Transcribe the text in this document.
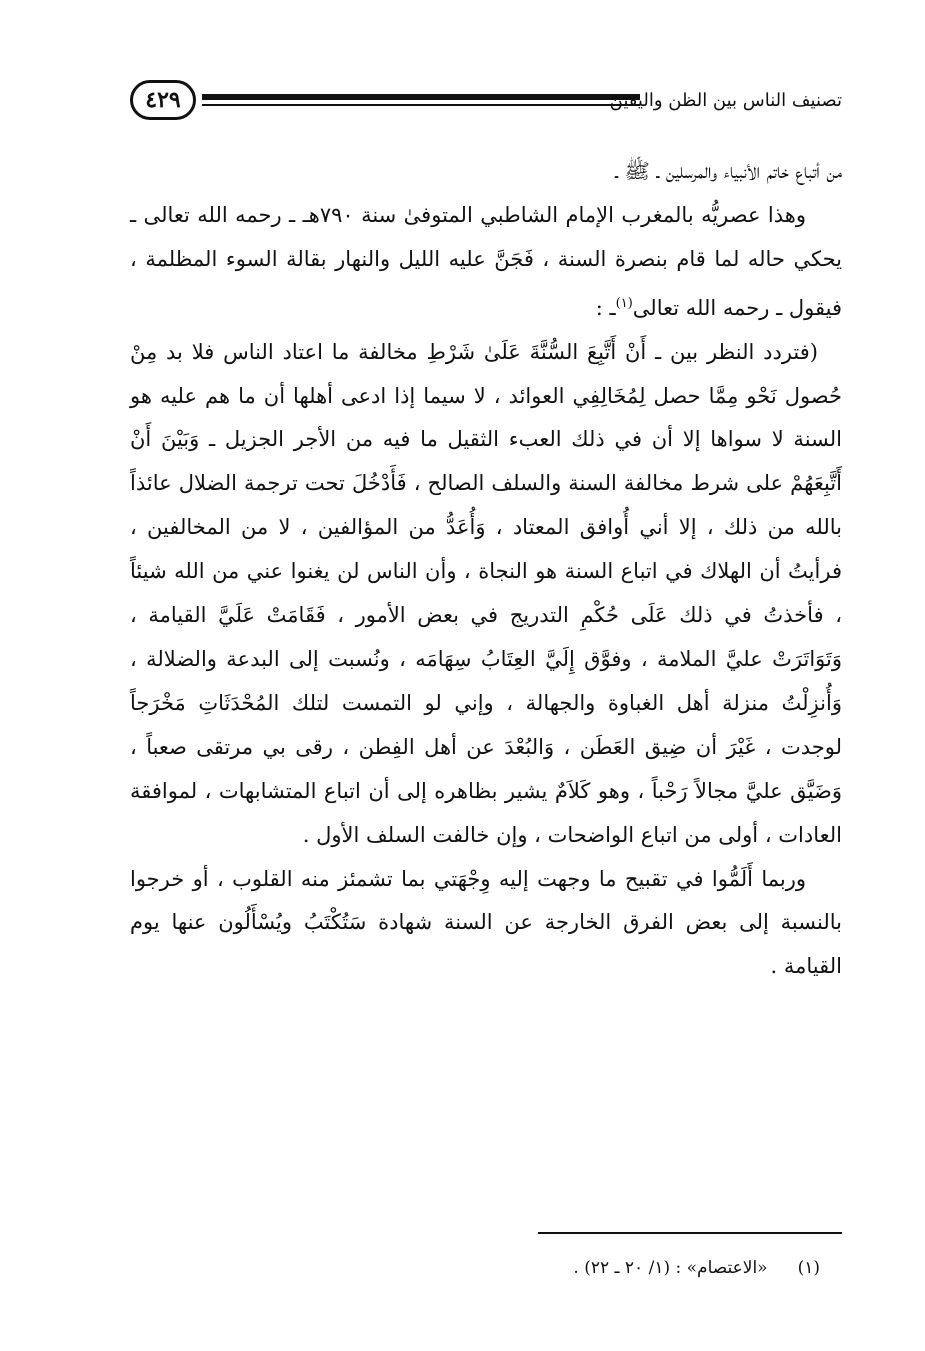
٤٢٩	تصنيف الناس بين الظن واليقين

من أتباع خاتم الأنبياء والمرسلين ـ ﷺ ـ

وهذا عصريُّه بالمغرب الإمام الشاطبي المتوفىٰ سنة ٧٩٠هـ ـ رحمه الله تعالى ـ يحكي حاله لما قام بنصرة السنة ، فَجَنَّ عليه الليل والنهار بقالة السوء المظلمة ، فيقول ـ رحمه الله تعالى$^{(١)}$ـ :

(فتردد النظر بين ـ أَنْ أَتَّبِعَ السُّنَّةَ عَلَىٰ شَرْطِ مخالفة ما اعتاد الناس فلا بد مِنْ حُصول نَحْو مِمَّا حصل لِمُخَالِفِي العوائد ، لا سيما إذا ادعى أهلها أن ما هم عليه هو السنة لا سواها إلا أن في ذلك العبء الثقيل ما فيه من الأجر الجزيل ـ وَبَيْنَ أَنْ أَتَّبِعَهُمْ على شرط مخالفة السنة والسلف الصالح ، فَأَدْخُلَ تحت ترجمة الضلال عائذاً بالله من ذلك ، إلا أني أُوافق المعتاد ، وَأُعَدُّ من المؤالفين ، لا من المخالفين ، فرأيتُ أن الهلاك في اتباع السنة هو النجاة ، وأن الناس لن يغنوا عني من الله شيئاً ، فأخذتُ في ذلك عَلَى حُكْمِ التدريج في بعض الأمور ، فَقَامَتْ عَلَيَّ القيامة ، وَتَوَاتَرَتْ عليَّ الملامة ، وفوَّق إِلَيَّ العِتَابُ سِهَامَه ، ونُسبت إلى البدعة والضلالة ، وَأُنزِلْتُ منزلة أهل الغباوة والجهالة ، وإني لو التمست لتلك المُحْدَثَاتِ مَخْرَجاً لوجدت ، غَيْرَ أن ضِيق العَطَن ، وَالبُعْدَ عن أهل الفِطن ، رقى بي مرتقى صعباً ، وَضَيَّق عليَّ مجالاً رَحْباً ، وهو كَلاَمٌ يشير بظاهره إلى أن اتباع المتشابهات ، لموافقة العادات ، أولى من اتباع الواضحات ، وإن خالفت السلف الأول .

وربما أَلَمُّوا في تقبيح ما وجهت إليه وِجْهَتي بما تشمئز منه القلوب ، أو خرجوا بالنسبة إلى بعض الفرق الخارجة عن السنة شهادة سَتُكْتَبُ ويُسْأَلُون عنها يوم القيامة .

(١)«الاعتصام» : (١/ ٢٠ ـ ٢٢) .
